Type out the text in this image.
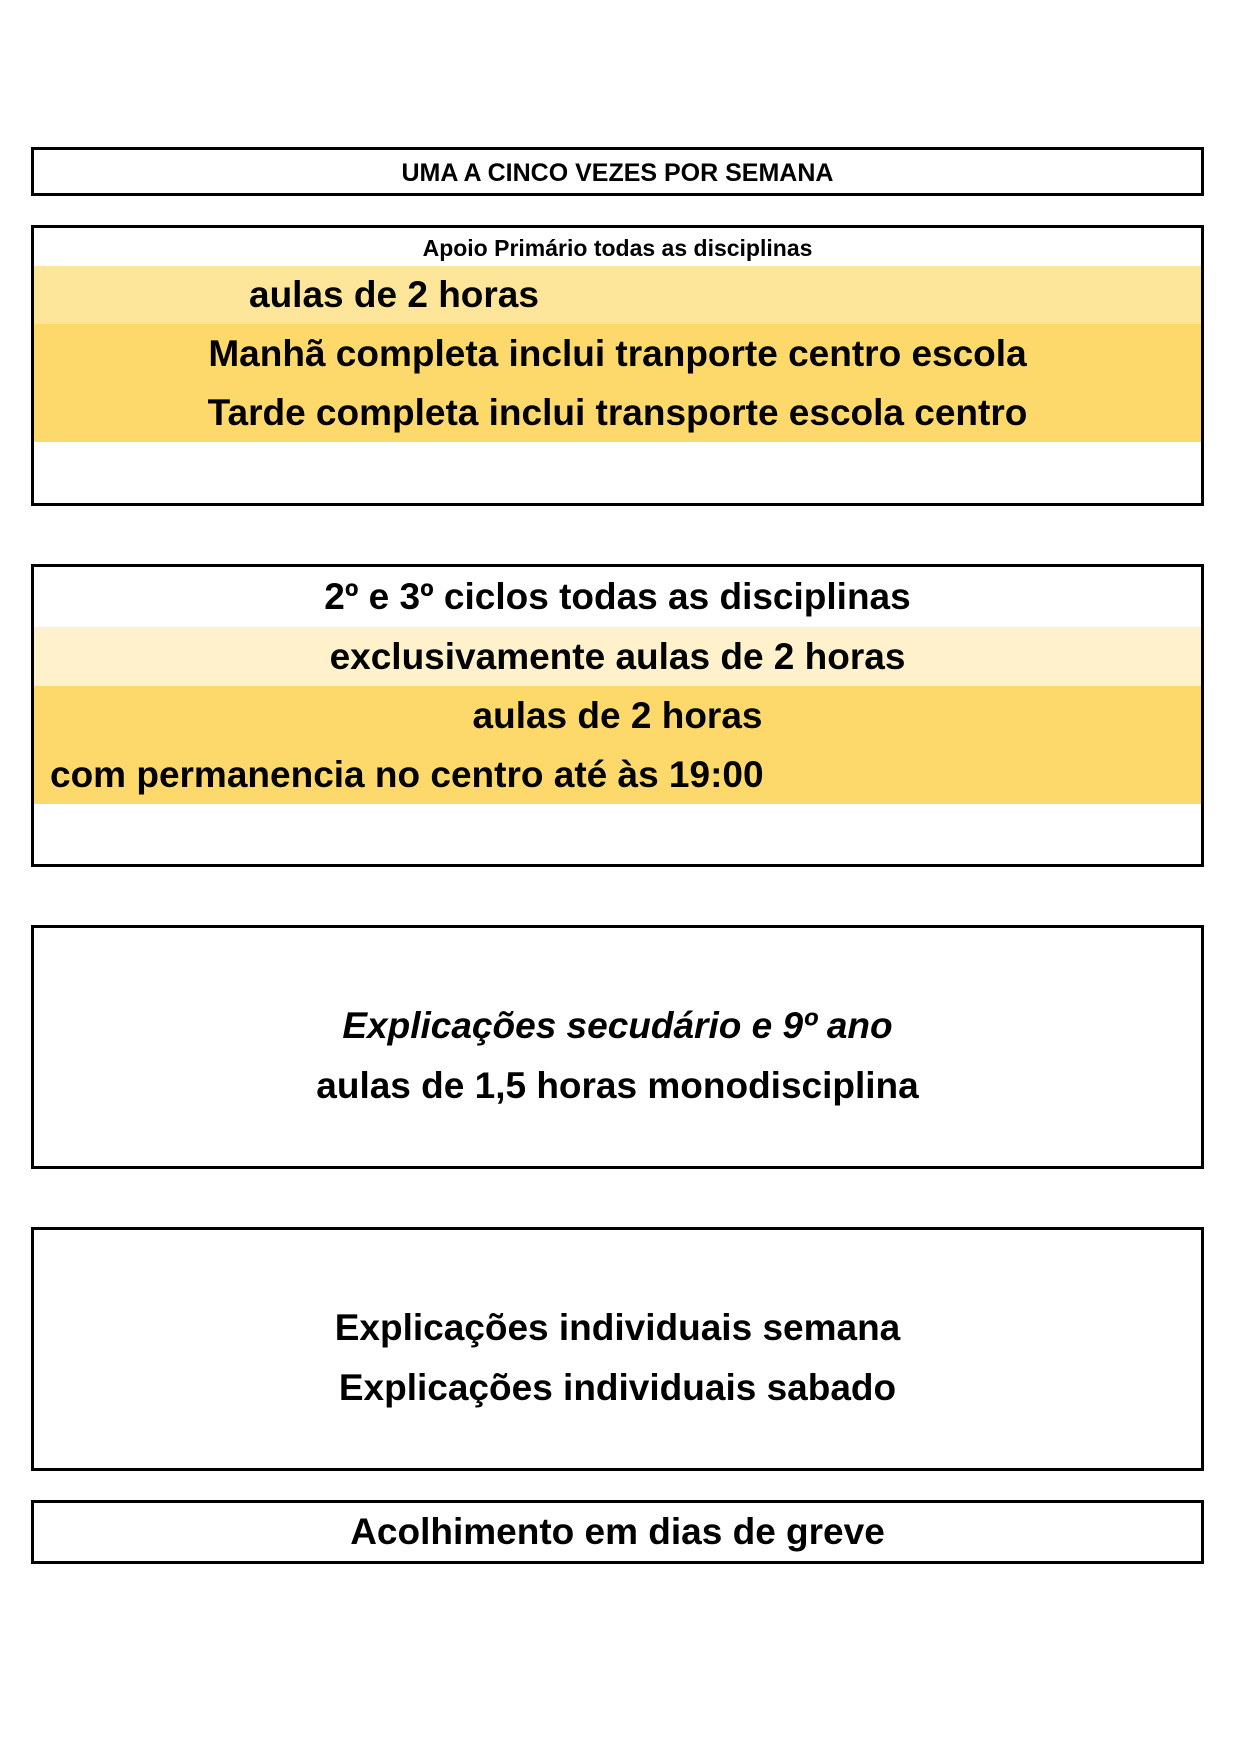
UMA A CINCO VEZES POR SEMANA
Apoio Primário todas as disciplinas
aulas de 2 horas
Manhã completa inclui tranporte centro escola
Tarde completa inclui transporte escola centro
2º e 3º ciclos todas as disciplinas
exclusivamente aulas de 2 horas
aulas de 2 horas
com permanencia no centro até às 19:00
Explicações secudário e 9º ano
aulas de 1,5 horas monodisciplina
Explicações individuais semana
Explicações individuais sabado
Acolhimento em dias de greve
